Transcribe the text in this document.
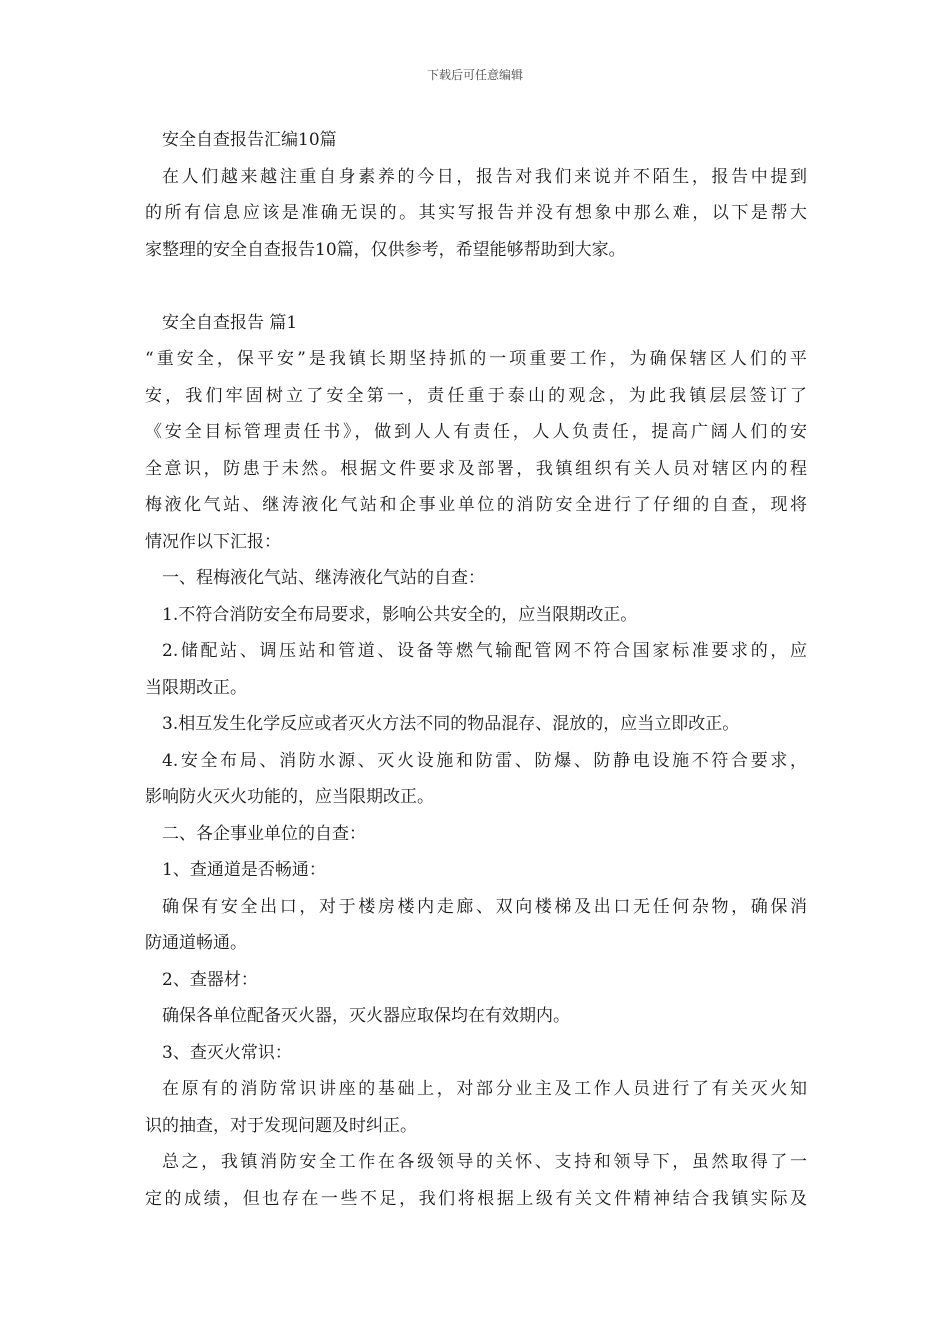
下载后可任意编辑
安全自查报告汇编10篇
在人们越来越注重自身素养的今日，报告对我们来说并不陌生，报告中提到
的所有信息应该是准确无误的。其实写报告并没有想象中那么难，以下是帮大
家整理的安全自查报告10篇，仅供参考，希望能够帮助到大家。
安全自查报告 篇1
“重安全，保平安”是我镇长期坚持抓的一项重要工作，为确保辖区人们的平
安，我们牢固树立了安全第一，责任重于泰山的观念，为此我镇层层签订了
《安全目标管理责任书》，做到人人有责任，人人负责任，提高广阔人们的安
全意识，防患于未然。根据文件要求及部署，我镇组织有关人员对辖区内的程
梅液化气站、继涛液化气站和企事业单位的消防安全进行了仔细的自查，现将
情况作以下汇报：
一、程梅液化气站、继涛液化气站的自查：
1.不符合消防安全布局要求，影响公共安全的，应当限期改正。
2.储配站、调压站和管道、设备等燃气输配管网不符合国家标准要求的，应
当限期改正。
3.相互发生化学反应或者灭火方法不同的物品混存、混放的，应当立即改正。
4.安全布局、消防水源、灭火设施和防雷、防爆、防静电设施不符合要求，
影响防火灭火功能的，应当限期改正。
二、各企事业单位的自查：
1、查通道是否畅通：
确保有安全出口，对于楼房楼内走廊、双向楼梯及出口无任何杂物，确保消
防通道畅通。
2、查器材：
确保各单位配备灭火器，灭火器应取保均在有效期内。
3、查灭火常识：
在原有的消防常识讲座的基础上，对部分业主及工作人员进行了有关灭火知
识的抽查，对于发现问题及时纠正。
总之，我镇消防安全工作在各级领导的关怀、支持和领导下，虽然取得了一
定的成绩，但也存在一些不足，我们将根据上级有关文件精神结合我镇实际及
